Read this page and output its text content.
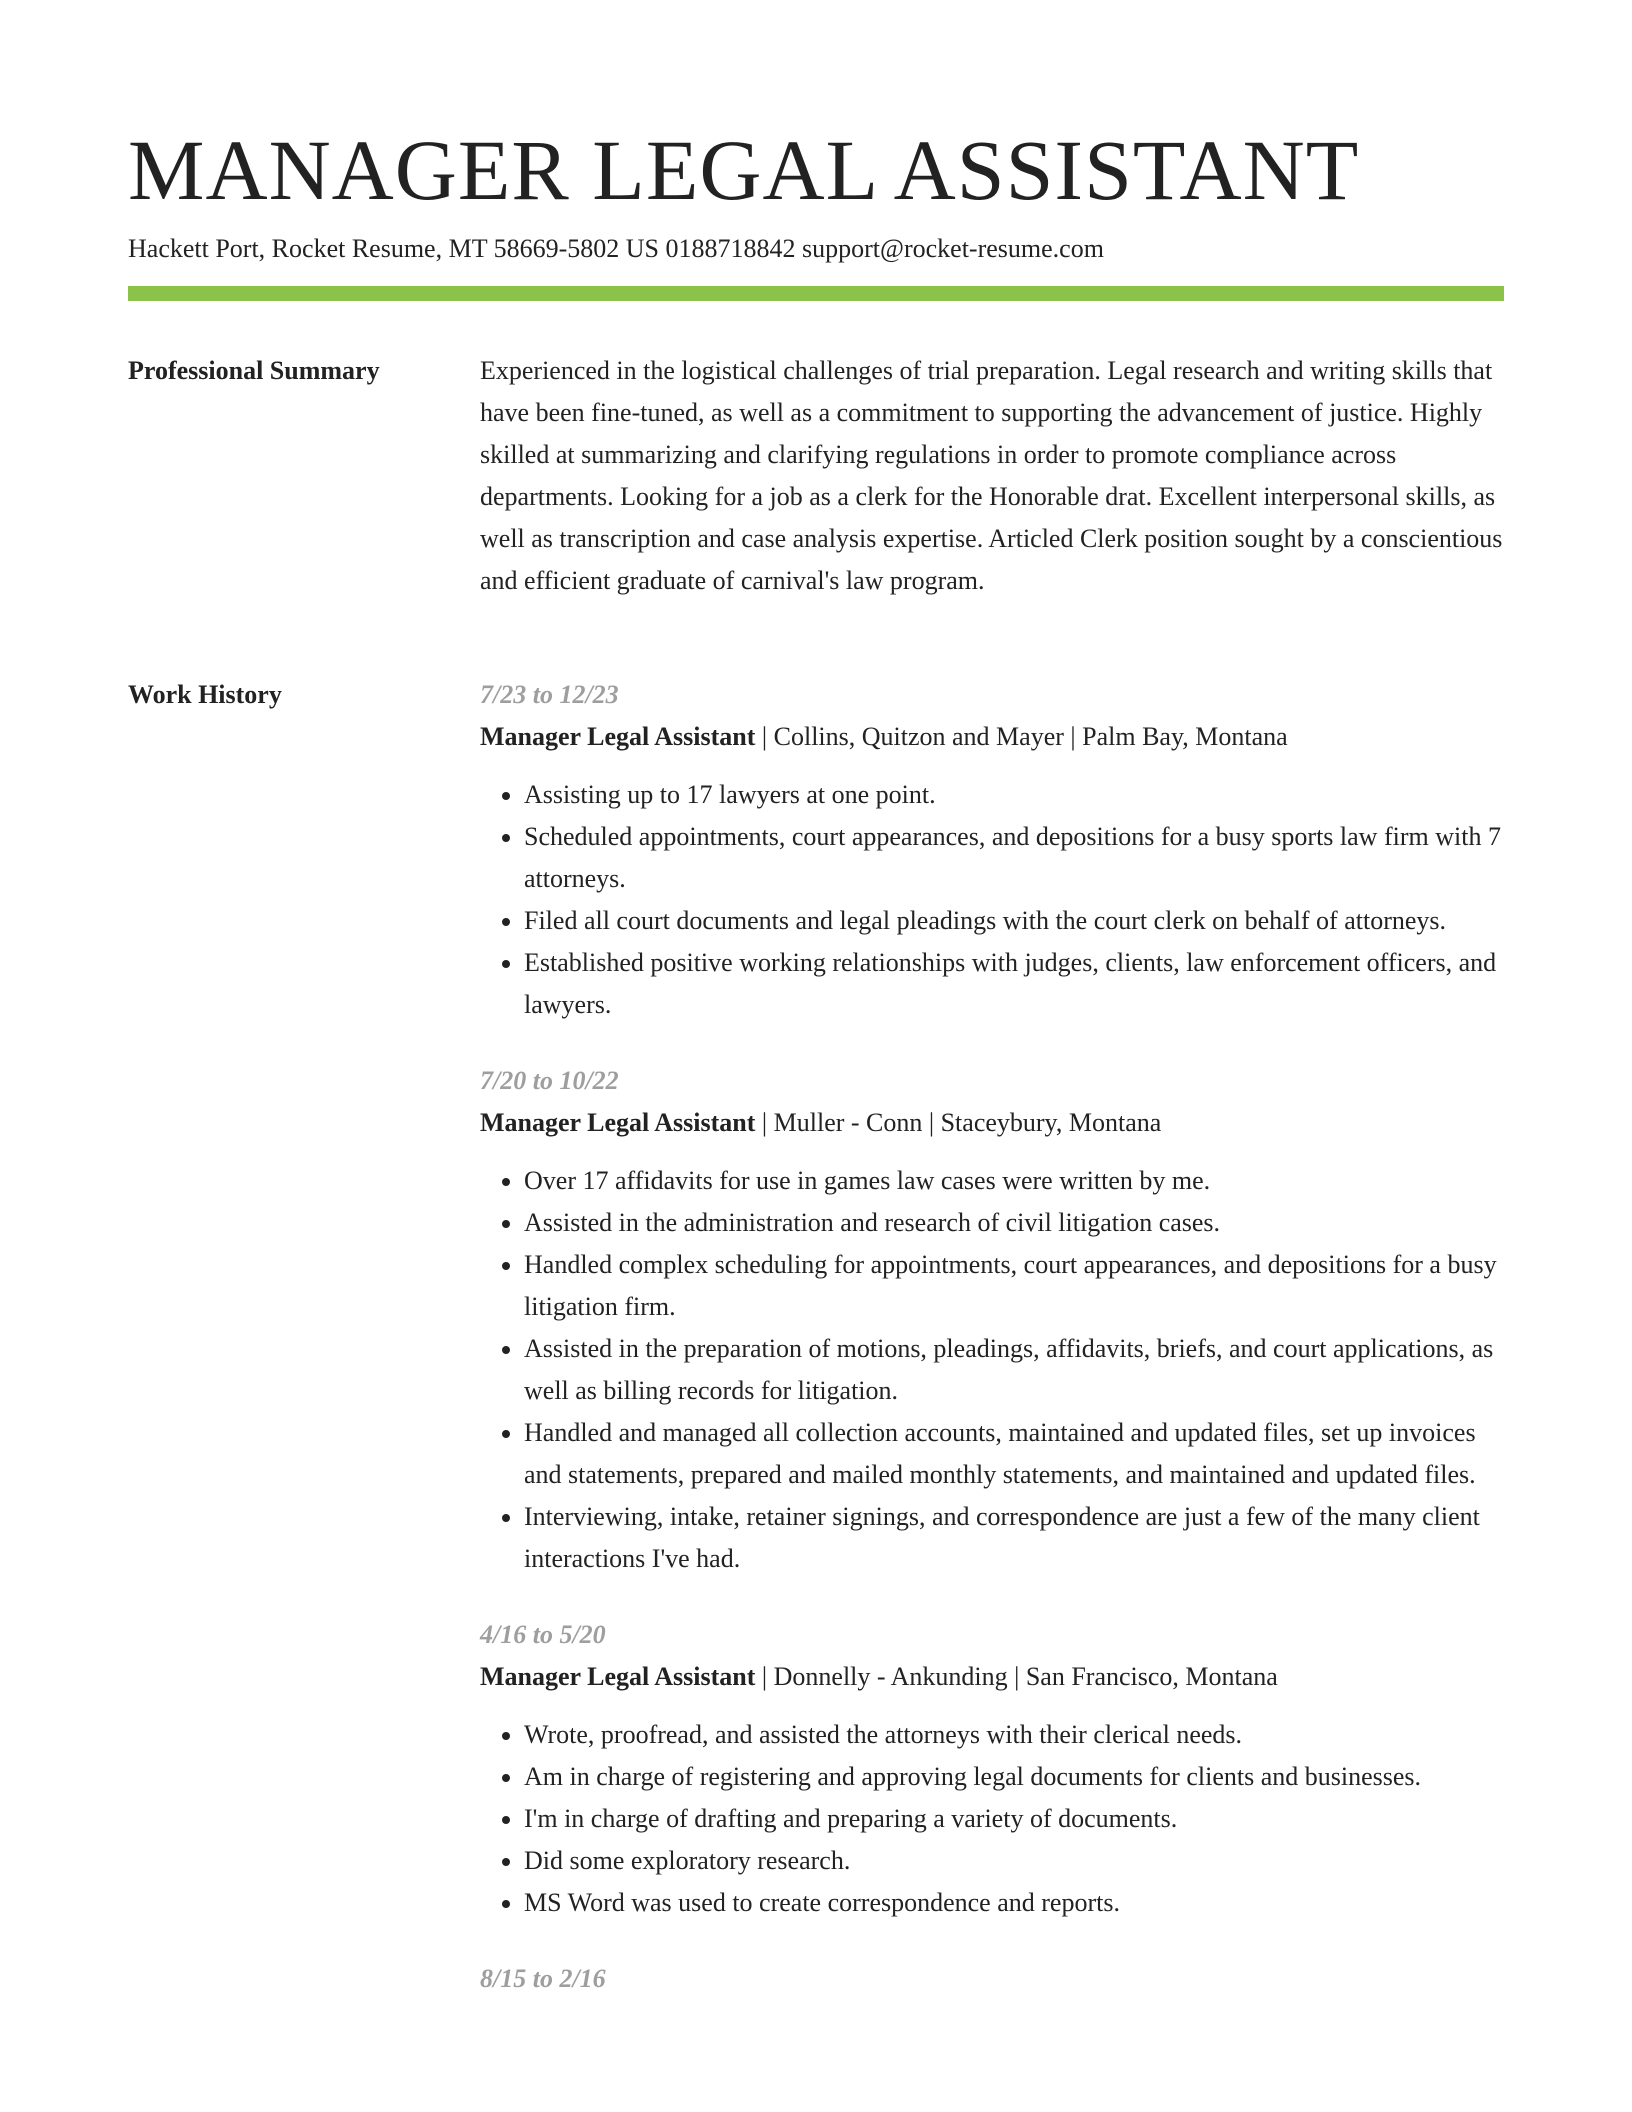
MANAGER LEGAL ASSISTANT
Hackett Port, Rocket Resume, MT 58669-5802 US 0188718842 support@rocket-resume.com
Professional Summary	Experienced in the logistical challenges of trial preparation. Legal research and writing skills that have been fine-tuned, as well as a commitment to supporting the advancement of justice. Highly skilled at summarizing and clarifying regulations in order to promote compliance across departments. Looking for a job as a clerk for the Honorable drat. Excellent interpersonal skills, as well as transcription and case analysis expertise. Articled Clerk position sought by a conscientious and efficient graduate of carnival's law program.

Work History	7/23 to 12/23
Manager Legal Assistant | Collins, Quitzon and Mayer | Palm Bay, Montana
• Assisting up to 17 lawyers at one point.
• Scheduled appointments, court appearances, and depositions for a busy sports law firm with 7 attorneys.
• Filed all court documents and legal pleadings with the court clerk on behalf of attorneys.
• Established positive working relationships with judges, clients, law enforcement officers, and lawyers.
7/20 to 10/22
Manager Legal Assistant | Muller - Conn | Staceybury, Montana
• Over 17 affidavits for use in games law cases were written by me.
• Assisted in the administration and research of civil litigation cases.
• Handled complex scheduling for appointments, court appearances, and depositions for a busy litigation firm.
• Assisted in the preparation of motions, pleadings, affidavits, briefs, and court applications, as well as billing records for litigation.
• Handled and managed all collection accounts, maintained and updated files, set up invoices and statements, prepared and mailed monthly statements, and maintained and updated files.
• Interviewing, intake, retainer signings, and correspondence are just a few of the many client interactions I've had.
4/16 to 5/20
Manager Legal Assistant | Donnelly - Ankunding | San Francisco, Montana
• Wrote, proofread, and assisted the attorneys with their clerical needs.
• Am in charge of registering and approving legal documents for clients and businesses.
• I'm in charge of drafting and preparing a variety of documents.
• Did some exploratory research.
• MS Word was used to create correspondence and reports.
8/15 to 2/16
